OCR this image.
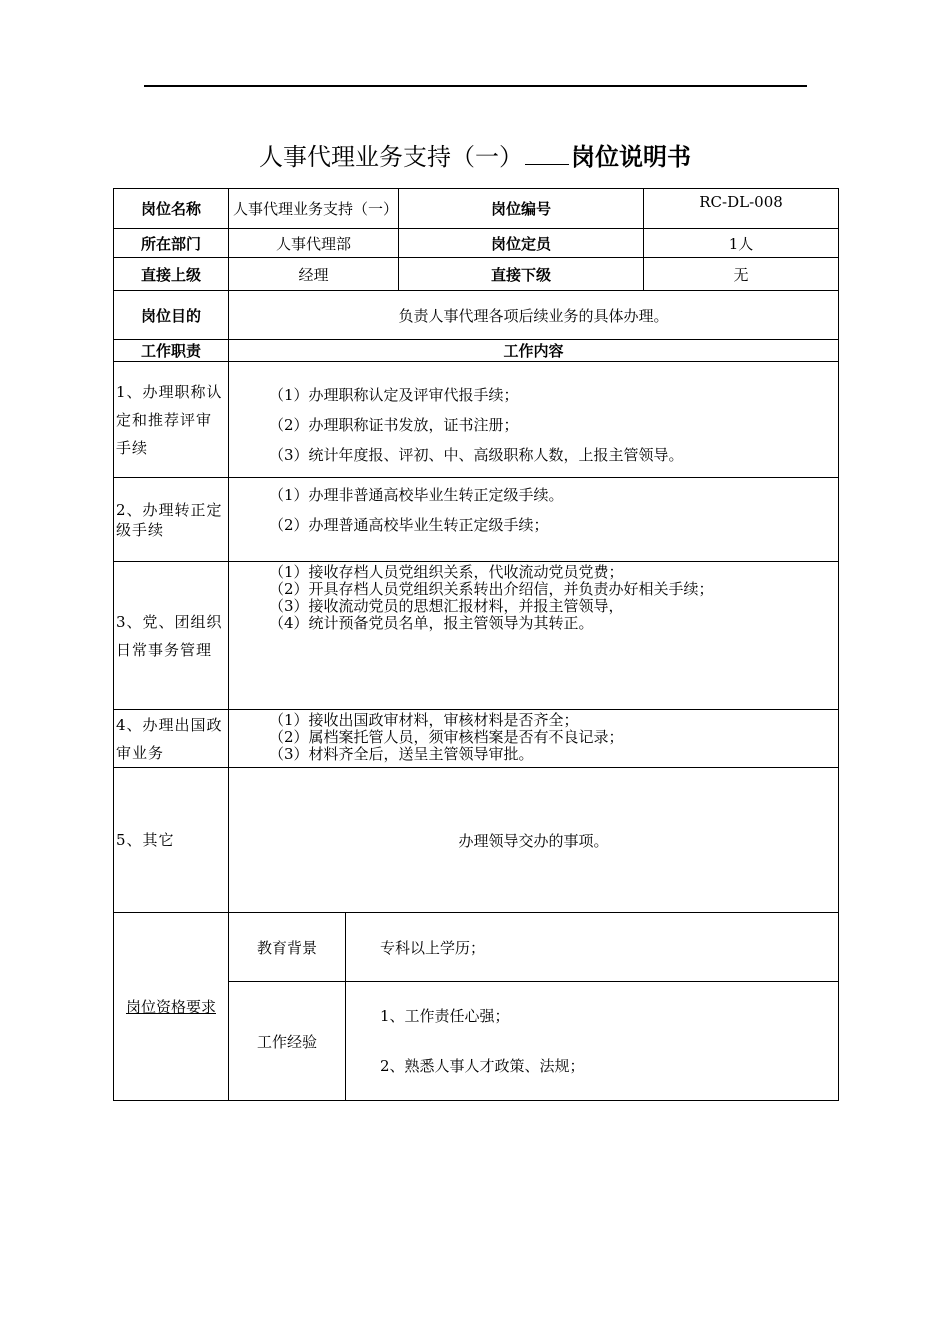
人事代理业务支持（一） 岗位说明书
岗位名称	人事代理业务支持（一）		岗位编号	RC-DL-008
所在部门	人事代理部		岗位定员	1人
直接上级	经理		直接下级	无
岗位目的	负责人事代理各项后续业务的具体办理。			
工作职责	工作内容			
1、办理职称认定和推荐评审手续	（1）办理职称认定及评审代报手续；
（2）办理职称证书发放，证书注册；
（3）统计年度报、评初、中、高级职称人数，上报主管领导。			

2、办理转正定级手续	（1）办理非普通高校毕业生转正定级手续。
（2）办理普通高校毕业生转正定级手续；			

3、党、团组织日常事务管理	（1）接收存档人员党组织关系，代收流动党员党费；
（2）开具存档人员党组织关系转出介绍信，并负责办好相关手续；
（3）接收流动党员的思想汇报材料，并报主管领导，
（4）统计预备党员名单，报主管领导为其转正。			

4、办理出国政审业务	（1）接收出国政审材料，审核材料是否齐全；
（2）属档案托管人员，须审核档案是否有不良记录；
（3）材料齐全后，送呈主管领导审批。			

5、其它	办理领导交办的事项。			

岗位资格要求	教育背景	专科以上学历；		
	工作经验	1、工作责任心强；
2、熟悉人事人才政策、法规；		
